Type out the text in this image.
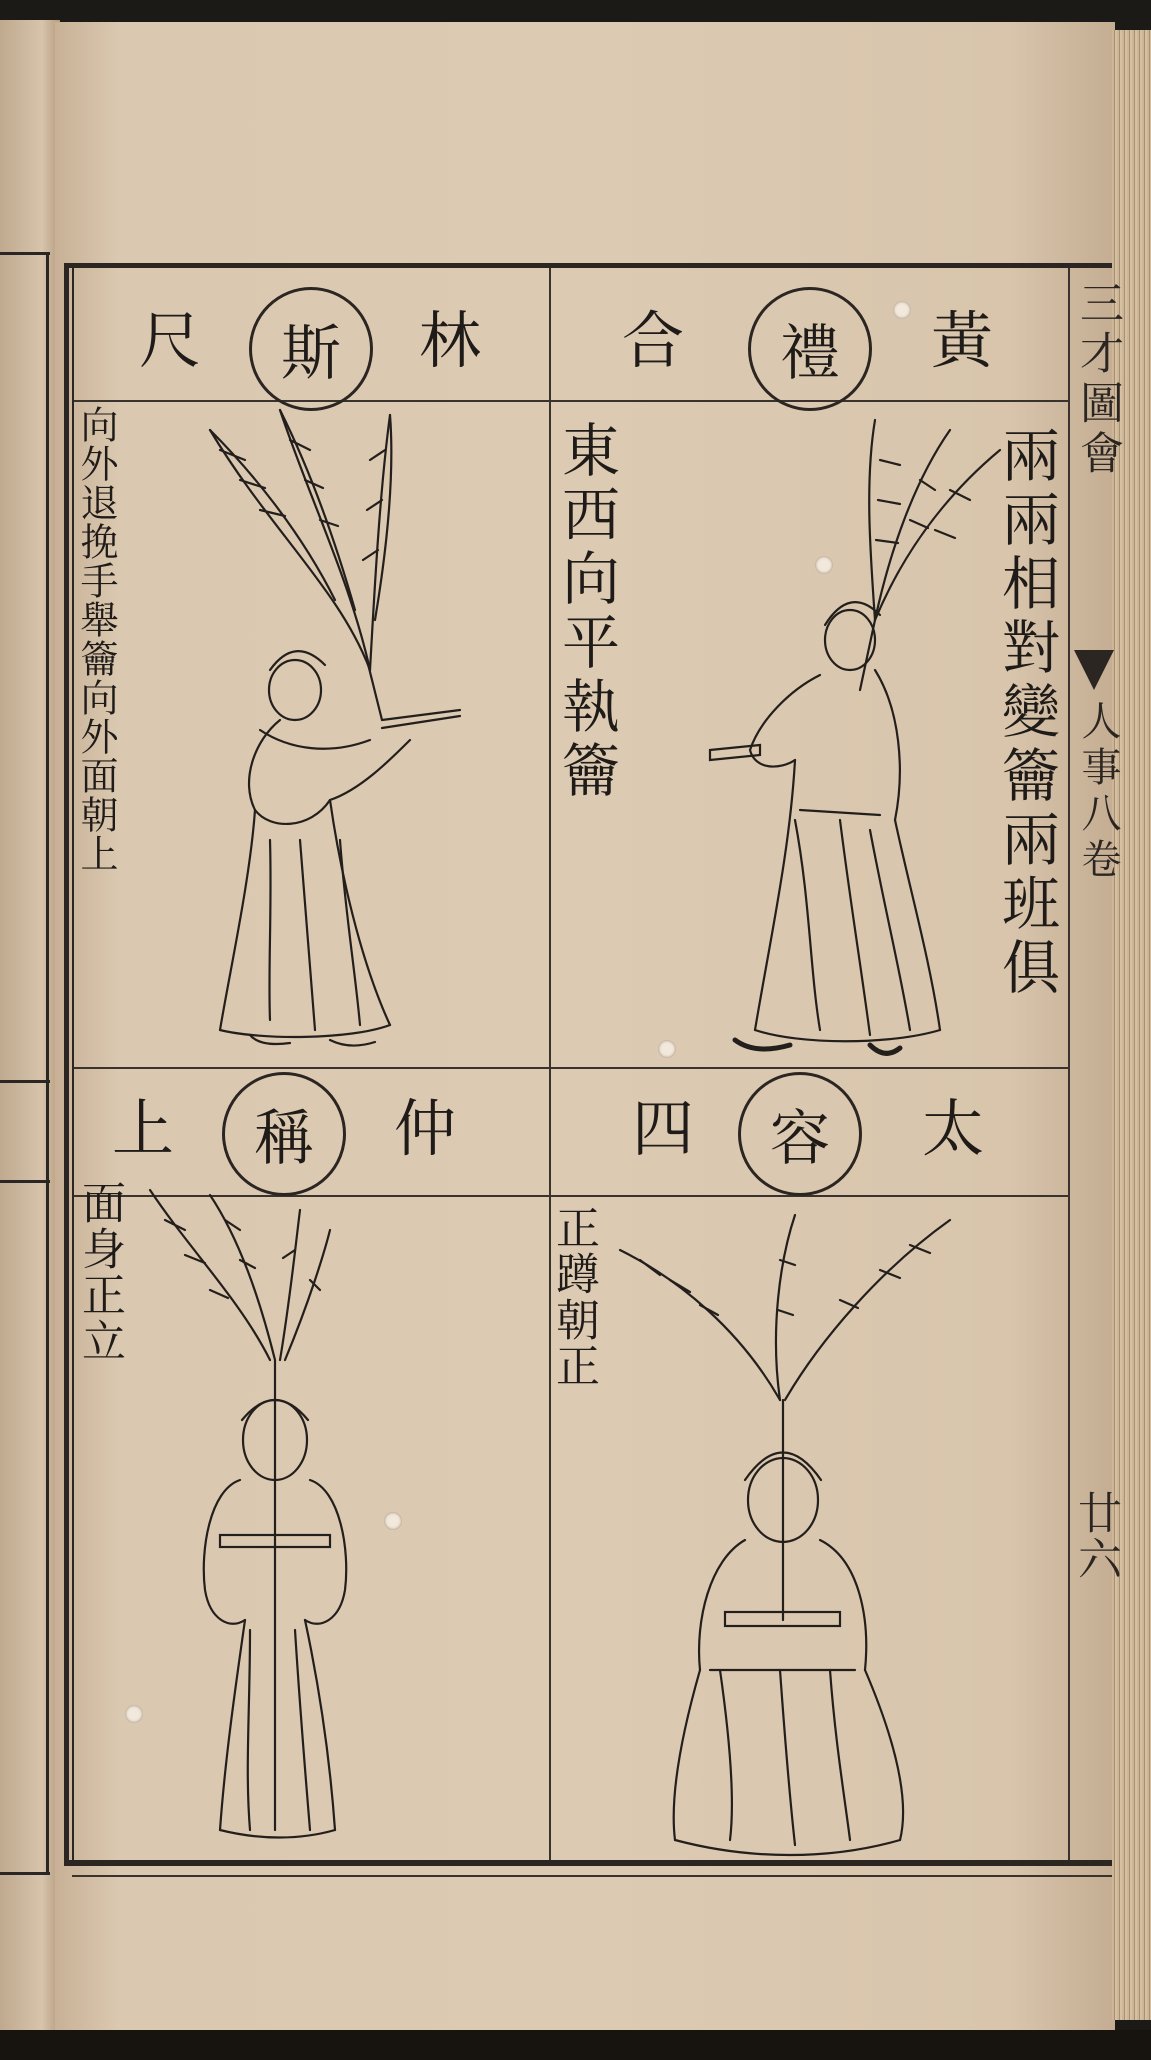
合	禮	黃
尺	斯	林
四	容	太
上	稱	仲
兩兩相對變籥兩班俱
東西向平執籥
向外退挽手舉籥向外面朝上
正蹲朝正
面身正立
三才圖會
人事八卷
廿六
